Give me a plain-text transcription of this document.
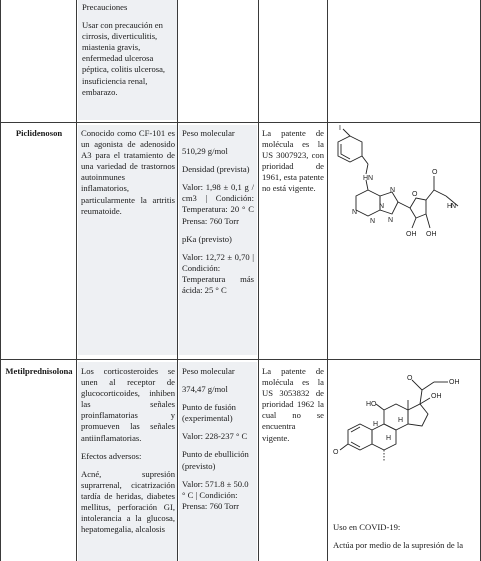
Precauciones

Usar con precaución en cirrosis, diverticulitis, miastenia gravis, enfermedad ulcerosa péptica, colitis ulcerosa, insuficiencia renal, embarazo.

Piclidenoson	Conocido como CF-101 es un agonista de adenosido A3 para el tratamiento de una variedad de trastornos autoinmunes inflamatorios, particularmente la artritis reumatoide.

Peso molecular

510,29 g/mol

Densidad (prevista)

Valor: 1,98 ± 0,1 g / cm3 | Condición: Temperatura: 20 ° C Prensa: 760 Torr

pKa (previsto)

Valor: 12,72 ± 0,70 | Condición: Temperatura más ácida: 25 ° C

La patente de molécula es la US 3007923, con prioridad de 1961, esta patente no está vigente.

I
HN
N
N
N
N
N
O
O
H
N
OH OH
Metilprednisolona Los corticosteroides se unen al receptor de glucocorticoides, inhiben las señales proinflamatorias y promueven las señales antiinflamatorias.

Efectos adversos:

Acné, supresión suprarrenal, cicatrización tardía de heridas, diabetes mellitus, perforación GI, intolerancia a la glucosa, hepatomegalia, alcalosis

Peso molecular

374,47 g/mol

Punto de fusión (experimental)

Valor: 228-237 ° C

Punto de ebullición (previsto)

Valor: 571.8 ± 50.0 ° C | Condición: Prensa: 760 Torr

La patente de molécula es la US 3053832 de prioridad 1962 la cual no se encuentra vigente.

O
OH
OH
HO
O
H
H
H

Uso en COVID-19:

Actúa por medio de la supresión de la
